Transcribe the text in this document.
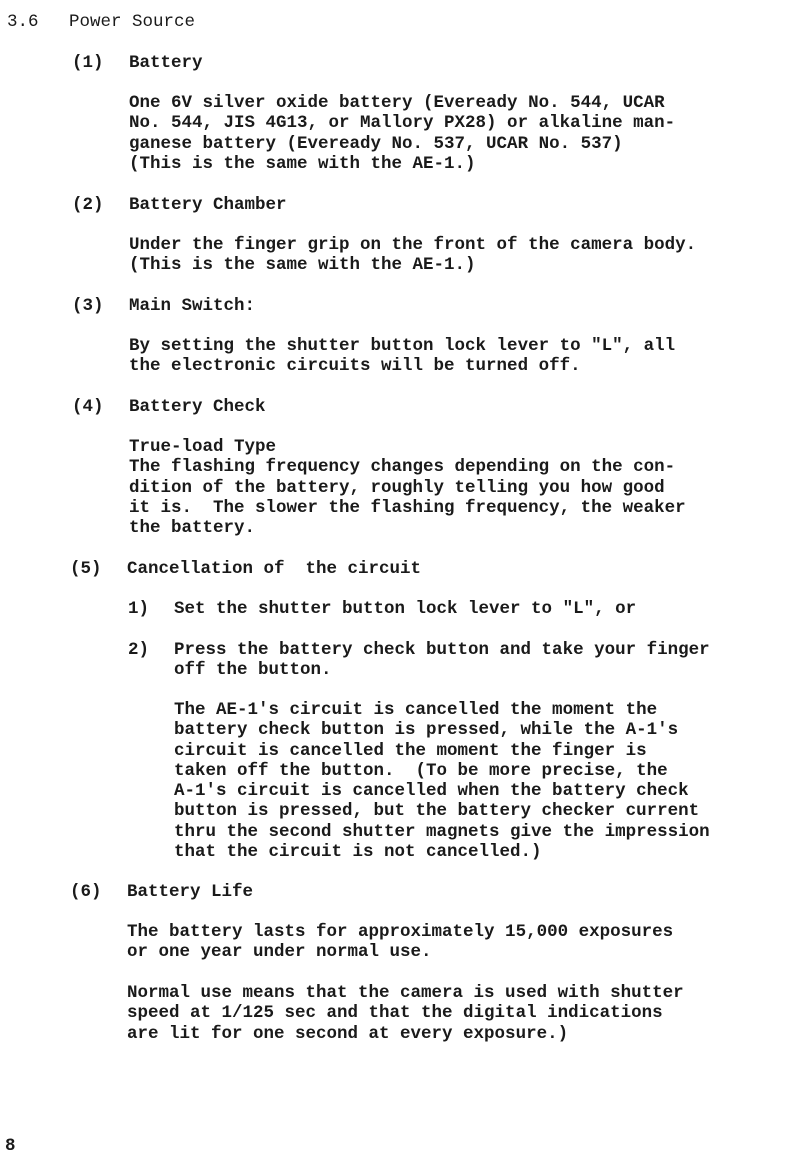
3.6 Power Source
(1) Battery
One 6V silver oxide battery (Eveready No. 544, UCAR
No. 544, JIS 4G13, or Mallory PX28) or alkaline man-
ganese battery (Eveready No. 537, UCAR No. 537)
(This is the same with the AE-1.)
(2) Battery Chamber
Under the finger grip on the front of the camera body.
(This is the same with the AE-1.)
(3) Main Switch:
By setting the shutter button lock lever to "L", all
the electronic circuits will be turned off.
(4) Battery Check
True-load Type
The flashing frequency changes depending on the con-
dition of the battery, roughly telling you how good
it is.  The slower the flashing frequency, the weaker
the battery.
(5) Cancellation of  the circuit
1) Set the shutter button lock lever to "L", or
2) Press the battery check button and take your finger
off the button.
The AE-1's circuit is cancelled the moment the
battery check button is pressed, while the A-1's
circuit is cancelled the moment the finger is
taken off the button.  (To be more precise, the
A-1's circuit is cancelled when the battery check
button is pressed, but the battery checker current
thru the second shutter magnets give the impression
that the circuit is not cancelled.)
(6) Battery Life
The battery lasts for approximately 15,000 exposures
or one year under normal use.
Normal use means that the camera is used with shutter
speed at 1/125 sec and that the digital indications
are lit for one second at every exposure.)
8
